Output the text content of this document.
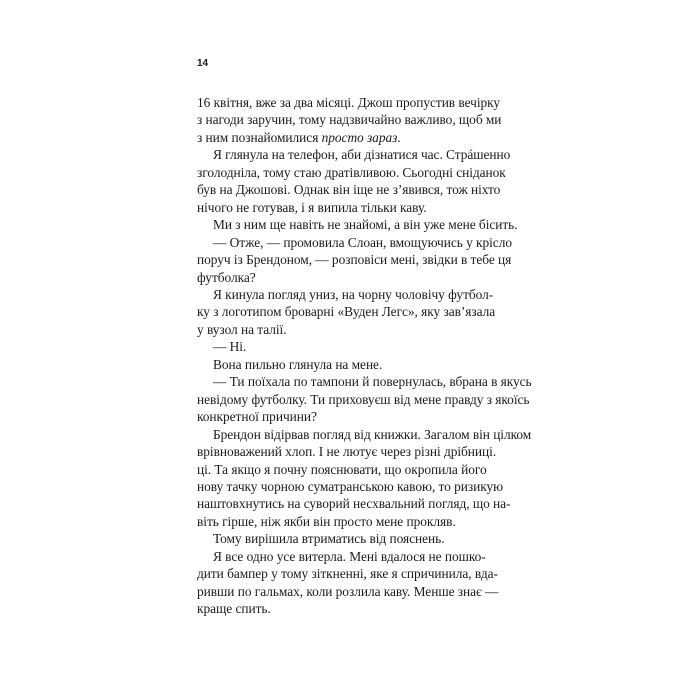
14
16 квітня, вже за два місяці. Джош пропустив вечірку
з нагоди заручин, тому надзвичайно важливо, щоб ми
з ним познайомилися просто зараз.
Я глянула на телефон, аби дізнатися час. Стрáшенно
зголодніла, тому стаю дратівливою. Сьогодні сніданок
був на Джошові. Однак він іще не з’явився, тож ніхто
нічого не готував, і я випила тільки каву.
Ми з ним ще навіть не знайомі, а він уже мене бісить.
— Отже, — промовила Слоан, вмощуючись у крісло
поруч із Брендоном, — розповіси мені, звідки в тебе ця
футболка?
Я кинула погляд униз, на чорну чоловічу футбол-
ку з логотипом броварні «Вуден Легс», яку зав’язала
у вузол на талії.
— Ні.
Вона пильно глянула на мене.
— Ти поїхала по тампони й повернулась, вбрана в якусь
невідому футболку. Ти приховуєш від мене правду з якоїсь
конкретної причини?
Брендон відірвав погляд від книжки. Загалом він цілком
врівноважений хлоп. І не лютує через різні дрібниці.
ці. Та якщо я почну пояснювати, що окропила його
нову тачку чорною суматранською кавою, то ризикую
наштовхнутись на суворий несхвальний погляд, що на-
віть гірше, ніж якби він просто мене прокляв.
Тому вирішила втриматись від пояснень.
Я все одно усе витерла. Мені вдалося не пошко-
дити бампер у тому зіткненні, яке я спричинила, вда-
ривши по гальмах, коли розлила каву. Менше знає —
краще спить.
